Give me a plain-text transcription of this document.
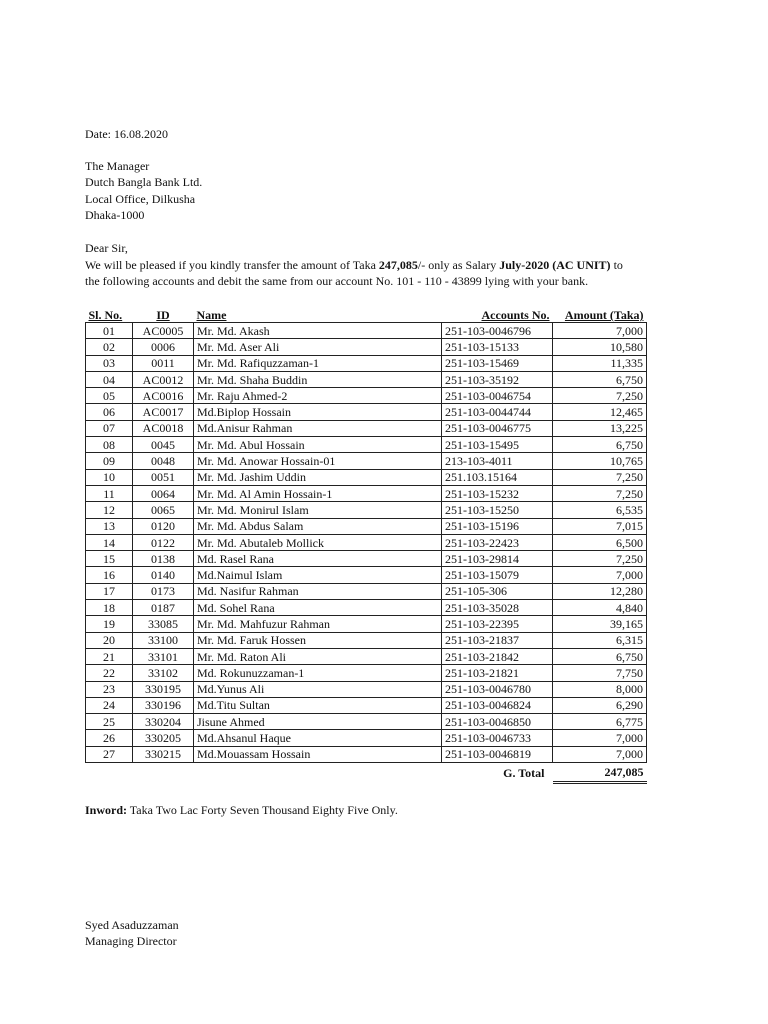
Date: 16.08.2020
The Manager
Dutch Bangla Bank Ltd.
Local Office, Dilkusha
Dhaka-1000
Dear Sir,
We will be pleased if you kindly transfer the amount of Taka 247,085/- only as Salary July-2020 (AC UNIT) to
the following accounts and debit the same from our account No. 101 - 110 - 43899 lying with your bank.
Sl. No.	ID	Name	Accounts No.	Amount (Taka)
01	AC0005	Mr. Md. Akash	251-103-0046796	7,000
02	0006	Mr. Md. Aser Ali	251-103-15133	10,580
03	0011	Mr. Md. Rafiquzzaman-1	251-103-15469	11,335
04	AC0012	Mr. Md. Shaha Buddin	251-103-35192	6,750
05	AC0016	Mr. Raju Ahmed-2	251-103-0046754	7,250
06	AC0017	Md.Biplop Hossain	251-103-0044744	12,465
07	AC0018	Md.Anisur Rahman	251-103-0046775	13,225
08	0045	Mr. Md. Abul Hossain	251-103-15495	6,750
09	0048	Mr. Md. Anowar Hossain-01	213-103-4011	10,765
10	0051	Mr. Md. Jashim Uddin	251.103.15164	7,250
11	0064	Mr. Md. Al Amin Hossain-1	251-103-15232	7,250
12	0065	Mr. Md. Monirul Islam	251-103-15250	6,535
13	0120	Mr. Md. Abdus Salam	251-103-15196	7,015
14	0122	Mr. Md. Abutaleb Mollick	251-103-22423	6,500
15	0138	Md. Rasel Rana	251-103-29814	7,250
16	0140	Md.Naimul Islam	251-103-15079	7,000
17	0173	Md. Nasifur Rahman	251-105-306	12,280
18	0187	Md. Sohel Rana	251-103-35028	4,840
19	33085	Mr. Md. Mahfuzur Rahman	251-103-22395	39,165
20	33100	Mr. Md. Faruk Hossen	251-103-21837	6,315
21	33101	Mr. Md. Raton Ali	251-103-21842	6,750
22	33102	Md. Rokunuzzaman-1	251-103-21821	7,750
23	330195	Md.Yunus Ali	251-103-0046780	8,000
24	330196	Md.Titu Sultan	251-103-0046824	6,290
25	330204	Jisune Ahmed	251-103-0046850	6,775
26	330205	Md.Ahsanul Haque	251-103-0046733	7,000
27	330215	Md.Mouassam Hossain	251-103-0046819	7,000
			G. Total	247,085
Inword: Taka Two Lac Forty Seven Thousand Eighty Five Only.
Syed Asaduzzaman
Managing Director
